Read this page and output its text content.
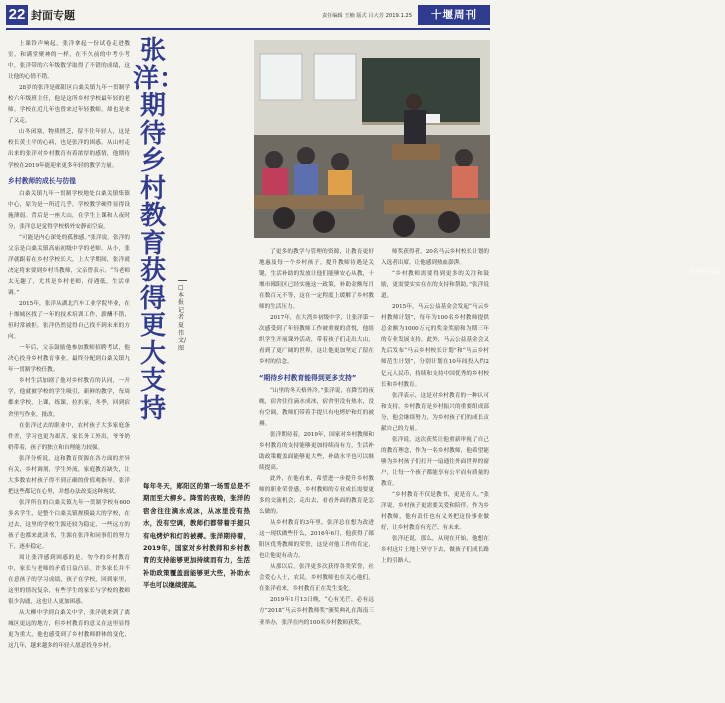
22 封面专题	责任编辑 王楠 版式 吕大芳 2019.1.25	十堰周刊

上课铃声响起，张洋拿起一份试卷走进教室，和满堂聚神的一样，在不久前的中考小考中，张洋带的六年级数学取得了不错的成绩，这让他的心情不错。

28岁的张洋是郧阳区白桑关镇九年一贯制学校六年级班主任，他是这所乡村学校最年轻的老师。学校在近几年也曾来过年轻教师，却也是来了又走。

山冬闭塞，物质匮乏，留不住年轻人，这是校长黄土平的心病，也是张洋的困惑。从山村走出来的张洋对乡村教育有着浓厚的感情，他期待学校在2019年能迎来更多年轻的教学力量。

乡村教师的成长与彷徨

白桑关镇九年一贯制学校地处白桑关镇集镇中心，原为是一所近几乎，学校教学硬件显得设施薄弱。背后是一座大山，在学生上课和人夜时分，张洋总是觉得学校格外安静而空寂。

“可能是内心深处的孤独感。”张洋说。张洋的父亲是白桑关镇高庙初级中学的老师。从小，张洋就跟着在乡村学校长大，上大学期间，张洋就决定将来要到乡村当教师，父亲曾表示，“当老师太无趣了，尤其是乡村老师，待遇低，生活单调。”

2015年，张洋从湖北汽车工业学院毕业，在十堰城区找了一年的技术培训工作，薪酬不错，但时常被拒。张洋仍然觉得自己找不到未来的方向。

一年后，父亲鼓励他参加教师招聘考试，他决心投身乡村教育事业，最终分配到白桑关镇九年一贯制学校任教。

乡村生活加剧了他对乡村教育的认同，一开学，他就被学校的学生吸引，新鲜的教学，每周都来学校，上课，练课，拉扒家，冬季，回到宿舍里写作业，批改。

在张洋过去的职业中，农村孩子大多家庭条件差，学习也更为艰苦，家长务工外出，爷爷奶奶带着，孩子的独立和自理能力较强。

张洋分析说，这和教育资源在各方面的差异有关，乡村调剂，学生外流，家庭教育缺失，让大多数农村孩子得不到正确的价值观指导。张洋把这些都记在心里，并想办法改变这种现状。

张洋所在的白桑关镇九年一贯制学校有600多名学生，是整个白桑关镇规模最大的学校，在过去，这里的学校生源还较为稳定，一些远方的孩子也都来此读书，生源在张洋和同事们的努力下，逐步稳定。

周让张洋感到困惑的是，勿今的乡村教育中，家长与老师的矛盾日益凸显。许多家长并不在意孩子的学习成绩，孩子在学校，回到家里，这里的情况复杂，有些学生的家长与学校的教师很少沟通，这也让人更加困惑。

从大柳中学到白桑关中学，张洋就来到了离城区更远的地方，但乡村教育的意义在这里显得更为重大，他也感受到了乡村教师群体的变化，这几年，越来越多的年轻人愿意投身乡村。

张洋：期待乡村教育获得更大支持
□本报记者 夏伟 文/图
每年冬天，郧阳区的第一场雪总是不期而至大柳乡。降雪的夜晚，张洋的宿舍往往滴水成冰，从冰里没有热水，没有空调，教师们都带着手提只有电烤炉和灯的被褥。张洋期待着，2019年，国家对乡村教师和乡村教育的支持能够更加持续而有力，生活补助政策覆盖面能够更大些，补助水平也可以继续提高。
讲课中的张洋。

了更多的教学与管理的资源，让教育更好地惠及每一个乡村孩子。提升教师待遇是关键，生活补助的发放让他们能够安心从教，十堰市郧阳区已经实施这一政策，补助金额每月在数百元不等，这在一定程度上缓解了乡村教师的生活压力。

2017年，在大湾乡初级中学，让张洋第一次感受到了年轻教师工作被重视的喜悦，他组织学生开展课外活动，带着孩子们走出大山，看到了更广阔的世界，这让他更加坚定了留在乡村的信念。

“期待乡村教育能得到更多支持”

“山里的冬天格外冷。”张洋说，在降雪的夜晚，宿舍往往滴水成冰，宿舍里没有热水，没有空调，教师们带着手提只有电烤炉和灯的被褥。

张洋期待着，2019年，国家对乡村教师和乡村教育的支持能够更加持续而有力，生活补助政策覆盖面能够更大些，补助水平也可以继续提高。

此外，在他看来，希望进一步提升乡村教师的职业荣誉感，乡村教师的专业成长需要更多的交流机会，走出去，看看外面的教育是怎么做的。

从乡村教育的3年里，张洋总在想为改进这一现状做些什么，2016年6月，他获得了郧阳区优秀教师的荣誉，这是对他工作的肯定，也让他更有动力。

从那以后，张洋更多次获得各类荣誉，社会爱心人士，农民，乡村教师也在关心他们，在张洋看来，乡村教育正在发生变化。

2019年1月13日晚，“心有光芒，必有远方”2018“马云乡村教师奖”颁奖典礼在海南三亚举办，张洋在内的100名乡村教师获奖。

师奖获得者，20名马云乡村校长计划的入选者出席，让他感到热血澎湃。

“乡村教师需要得到更多的关注和鼓励，更需要实实在在的支持和帮助。”张洋说道。

2015年，马云公益基金会发起“马云乡村教师计划”，每年为100名乡村教师提供总金额为1000万元的奖金奖励和为期三年的专业发展支持。此外，马云公益基金会又先后发布“马云乡村校长计划”和“马云乡村师范生计划”，分别计划在10年间投入约2亿元人民币，持续和支持中国优秀的乡村校长和乡村教育。

张洋表示，这是对乡村教育的一种认可和支持，乡村教育是乡村振兴的重要组成部分，他会继续努力，为乡村孩子们的成长贡献自己的力量。

张洋说，这次获奖让他重新审视了自己的教育理念，作为一名乡村教师，他希望能够为乡村孩子们打开一扇通往外面世界的窗户，让每一个孩子都能享有公平而有质量的教育。

“乡村教育不仅是教书，更是育人。”张洋说，乡村孩子更需要关爱和陪伴，作为乡村教师，他有责任也有义务把这份事业做好，让乡村教育有光芒、有未来。

张洋还说，那么，从现在开始，他想在乡村这片土地上坚守下去，做孩子们成长路上的引路人。
